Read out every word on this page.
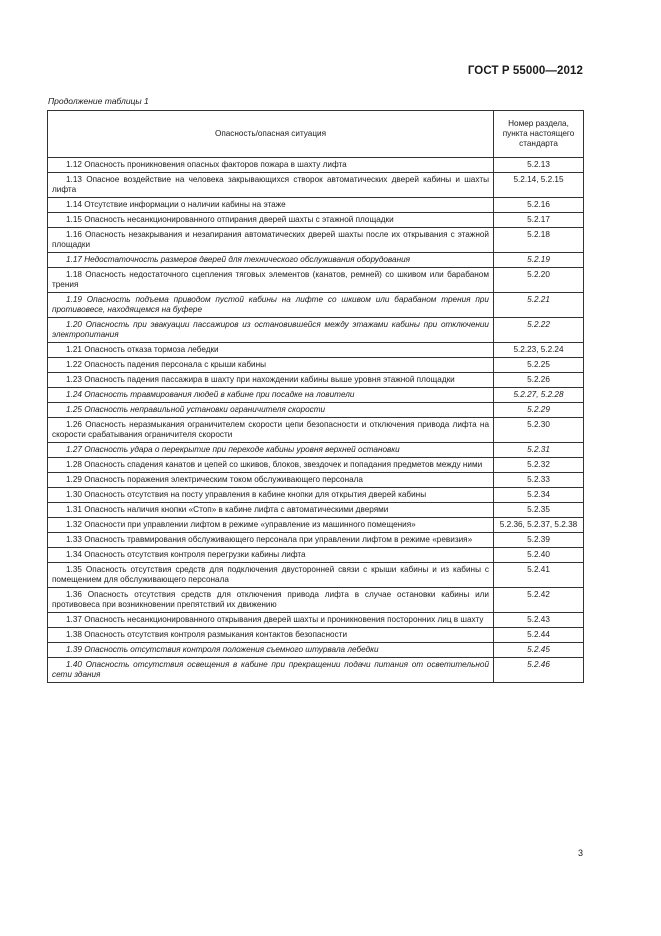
ГОСТ Р 55000—2012
Продолжение таблицы 1
Опасность/опасная ситуация	Номер раздела, пункта настоящего стандарта
1.12 Опасность проникновения опасных факторов пожара в шахту лифта	5.2.13
1.13 Опасное воздействие на человека закрывающихся створок автоматических дверей кабины и шахты лифта	5.2.14, 5.2.15
1.14 Отсутствие информации о наличии кабины на этаже	5.2.16
1.15 Опасность несанкционированного отпирания дверей шахты с этажной площадки	5.2.17
1.16 Опасность незакрывания и незапирания автоматических дверей шахты после их открывания с этажной площадки	5.2.18
1.17 Недостаточность размеров дверей для технического обслуживания оборудования	5.2.19
1.18 Опасность недостаточного сцепления тяговых элементов (канатов, ремней) со шкивом или барабаном трения	5.2.20
1.19 Опасность подъема приводом пустой кабины на лифте со шкивом или барабаном трения при противовесе, находящемся на буфере	5.2.21
1.20 Опасность при эвакуации пассажиров из остановившейся между этажами кабины при отключении электропитания	5.2.22
1.21 Опасность отказа тормоза лебедки	5.2.23, 5.2.24
1.22 Опасность падения персонала с крыши кабины	5.2.25
1.23 Опасность падения пассажира в шахту при нахождении кабины выше уровня этажной площадки	5.2.26
1.24 Опасность травмирования людей в кабине при посадке на ловители	5.2.27, 5.2.28
1.25 Опасность неправильной установки ограничителя скорости	5.2.29
1.26 Опасность неразмыкания ограничителем скорости цепи безопасности и отключения привода лифта на скорости срабатывания ограничителя скорости	5.2.30
1.27 Опасность удара о перекрытие при переходе кабины уровня верхней остановки	5.2.31
1.28 Опасность спадения канатов и цепей со шкивов, блоков, звездочек и попадания предметов между ними	5.2.32
1.29 Опасность поражения электрическим током обслуживающего персонала	5.2.33
1.30 Опасность отсутствия на посту управления в кабине кнопки для открытия дверей кабины	5.2.34
1.31 Опасность наличия кнопки «Стоп» в кабине лифта с автоматическими дверями	5.2.35
1.32 Опасности при управлении лифтом в режиме «управление из машинного помещения»	5.2.36, 5.2.37, 5.2.38
1.33 Опасность травмирования обслуживающего персонала при управлении лифтом в режиме «ревизия»	5.2.39
1.34 Опасность отсутствия контроля перегрузки кабины лифта	5.2.40
1.35 Опасность отсутствия средств для подключения двусторонней связи с крыши кабины и из кабины с помещением для обслуживающего персонала	5.2.41
1.36 Опасность отсутствия средств для отключения привода лифта в случае остановки кабины или противовеса при возникновении препятствий их движению	5.2.42
1.37 Опасность несанкционированного открывания дверей шахты и проникновения посторонних лиц в шахту	5.2.43
1.38 Опасность отсутствия контроля размыкания контактов безопасности	5.2.44
1.39 Опасность отсутствия контроля положения съемного штурвала лебедки	5.2.45
1.40 Опасность отсутствия освещения в кабине при прекращении подачи питания от осветительной сети здания	5.2.46
3
